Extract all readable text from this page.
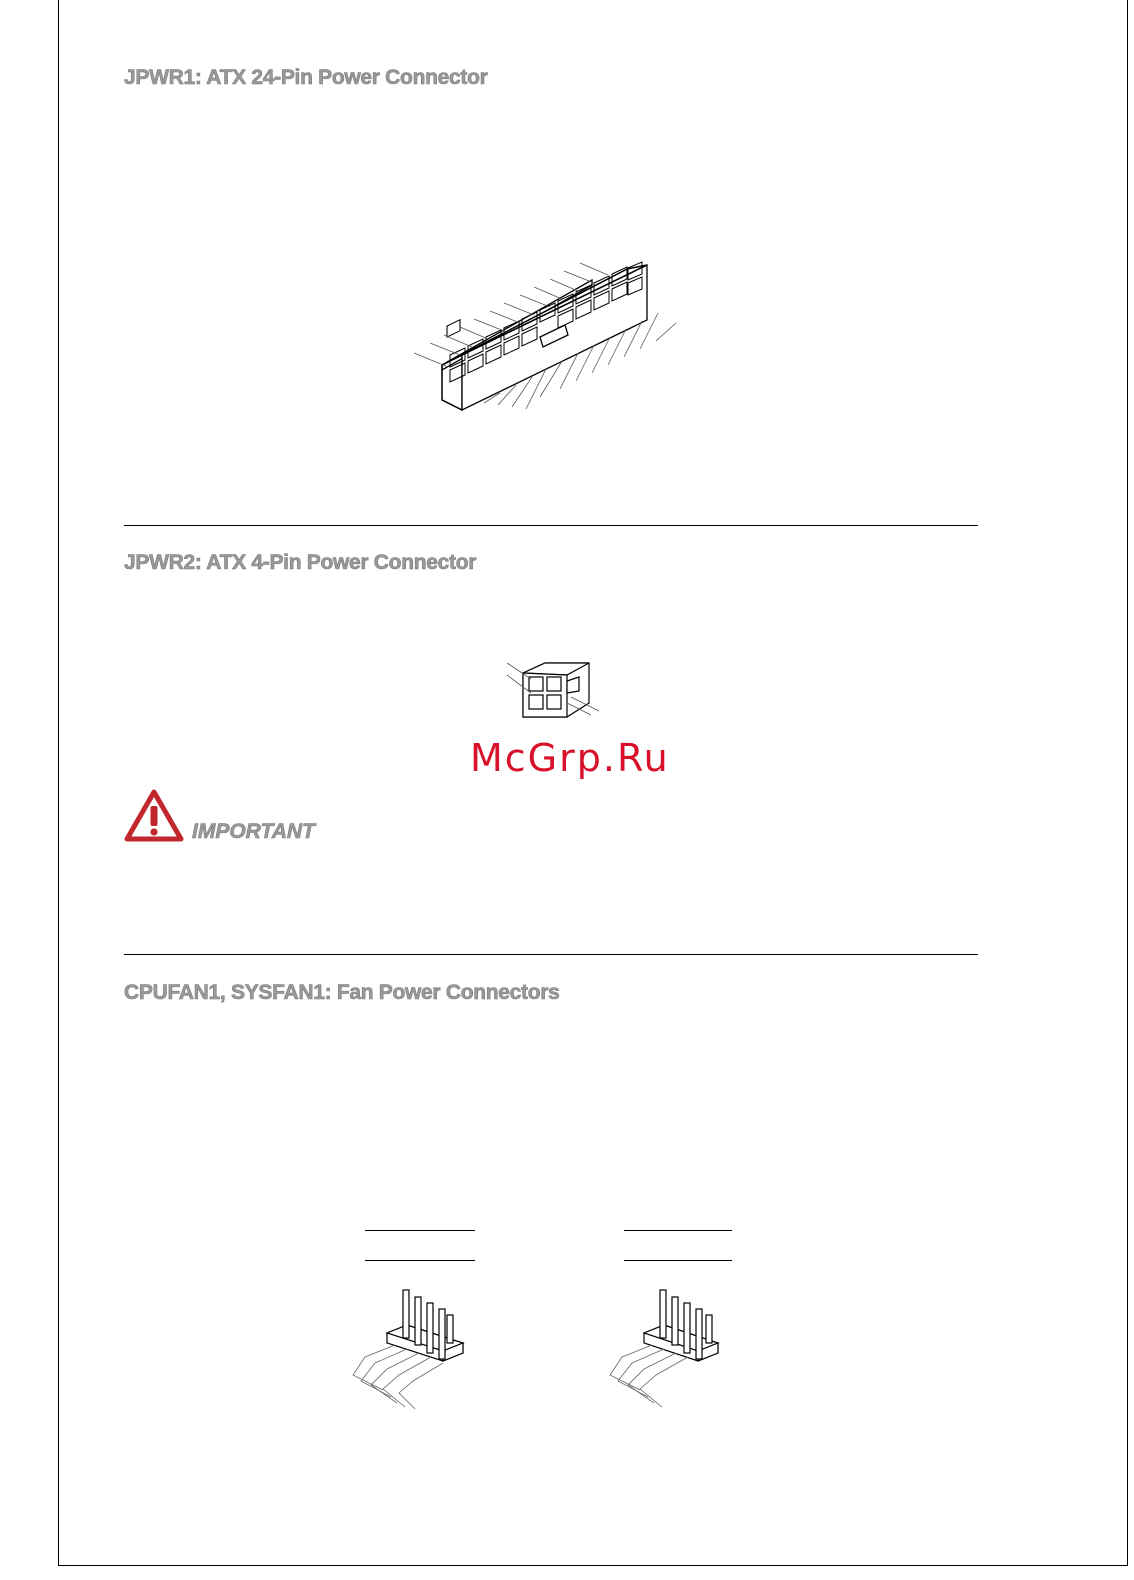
JPWR1: ATX 24-Pin Power Connector
JPWR2: ATX 4-Pin Power Connector
McGrp.Ru
IMPORTANT
CPUFAN1, SYSFAN1: Fan Power Connectors
